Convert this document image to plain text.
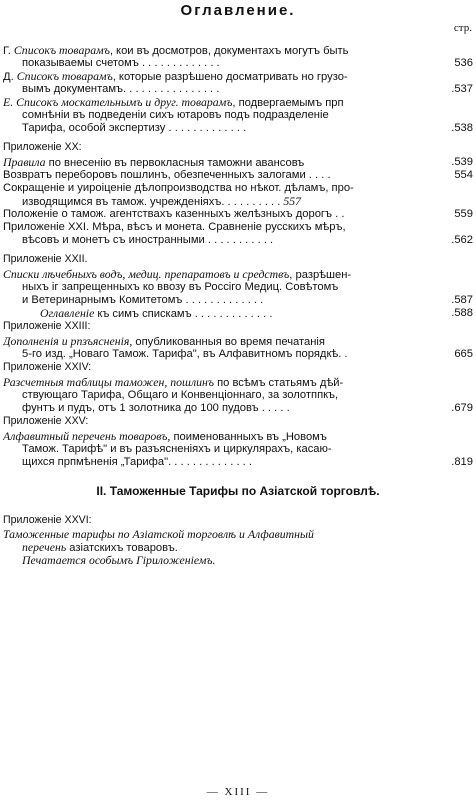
Оглавление.
стр.
Г. Списокъ товарамъ, кои въ досмотров, документахъ могутъ быть
показываемы счетомъ . . . . . . . . . . . . .	536
Д. Списокъ товарамъ, которые разрѣшено досматривать но грузо-
вымъ документамъ. . . . . . . . . . . . . . . .	.537
Е. Списокъ москательнымъ и друг. товарамъ, подвергаемымъ прп
сомнѣніи въ подведеніи сихъ ютаровъ подъ подразделеніе
Тарифа, особой экспертизу . . . . . . . . . . . . .	.538
Приложеніе XX:
Правила по внесенію въ первокласныя таможни авансовъ	.539
Возвратъ переборовъ пошлинъ, обезпеченныхъ залогами . . . .	554
Сокращеніе и уироіценіе дѣлопроизводства но нѣкот. дѣламъ, про-
изводящимся въ тамож. учрежденіяхъ. . . . . . . . . . 557
Положеніе о тамож. агентствахъ казенныхъ желѣзныхъ дорогъ . .	559
Приложеніе XXI. Мѣра, вѣсъ и монета. Сравненіе русскихъ мѣръ,
вѣсовъ и монетъ съ иностранными . . . . . . . . . . .	.562
Приложеніе XXII.
Списки лѣчебныхъ водъ, медиц. препаратовъ и средствъ, разрѣшен-
ныхъ іг запрещенныхъ ко ввозу въ Россіго Медиц. Совѣтомъ
и Ветеринарнымъ Комитетомъ . . . . . . . . . . . . .	.587
Оглавленіе къ симъ спискамъ . . . . . . . . . . . . .	.588
Приложеніе XXIII:
Дополненія и рпзъясненія, опубликованныя во время печатанія
5-го изд. „Новаго Тамож. Тарифа", въ Алфавитномъ порядкѣ. .	665
Приложеніе XXIV:
Разсчетныя таблицы таможен, пошлинъ по всѣмъ статьямъ дѣй-
ствующаго Тарифа, Общаго и Конвенціоннаго, за золотппкъ,
фунтъ и пудъ, отъ 1 золотника до 100 пудовъ . . . . .	.679
Приложеніе XXV:
Алфавитный перечень товаровъ, поименованныхъ въ „Новомъ
Тамож. Тарифѣ" и въ разъясненіяхъ и циркулярахъ, касаю-
щихся прпмѣненія „Тарифа". . . . . . . . . . . . . .	.819
Приложеніе XXVI:
Таможенные тарифы по Азіатской торговлѣ и Алфавитный
перечень азіатскихъ товаровъ.
Печатается особымъ Гіриложеніемъ.
II. Таможенные Тарифы по Азіатской торговлѣ.
— XIII —
